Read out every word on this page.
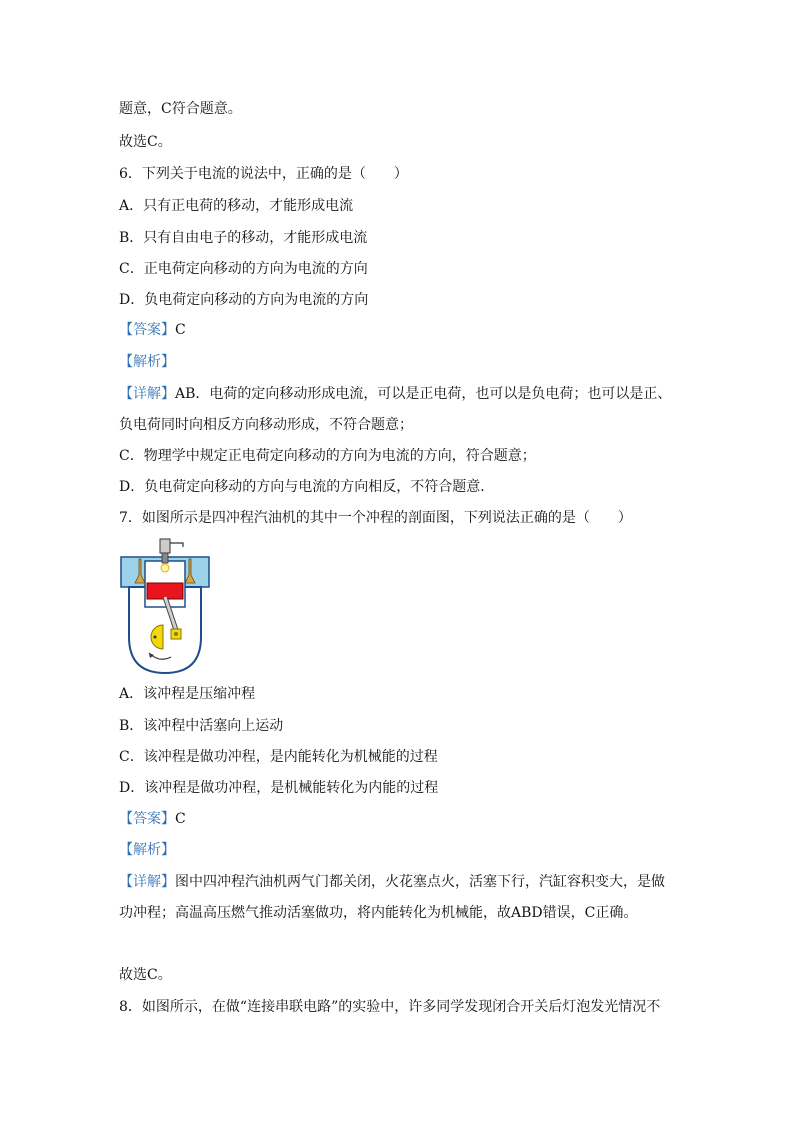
题意，C符合题意。
故选C。
6．下列关于电流的说法中，正确的是（　　）
A．只有正电荷的移动，才能形成电流
B．只有自由电子的移动，才能形成电流
C．正电荷定向移动的方向为电流的方向
D．负电荷定向移动的方向为电流的方向
【答案】C
【解析】
【详解】AB．电荷的定向移动形成电流，可以是正电荷，也可以是负电荷；也可以是正、
负电荷同时向相反方向移动形成，不符合题意；
C．物理学中规定正电荷定向移动的方向为电流的方向，符合题意；
D．负电荷定向移动的方向与电流的方向相反，不符合题意．
7．如图所示是四冲程汽油机的其中一个冲程的剖面图，下列说法正确的是（　　）
A．该冲程是压缩冲程
B．该冲程中活塞向上运动
C．该冲程是做功冲程，是内能转化为机械能的过程
D．该冲程是做功冲程，是机械能转化为内能的过程
【答案】C
【解析】
【详解】图中四冲程汽油机两气门都关闭，火花塞点火，活塞下行，汽缸容积变大，是做
功冲程；高温高压燃气推动活塞做功，将内能转化为机械能，故ABD错误，C正确。
故选C。
8．如图所示，在做“连接串联电路”的实验中，许多同学发现闭合开关后灯泡发光情况不
